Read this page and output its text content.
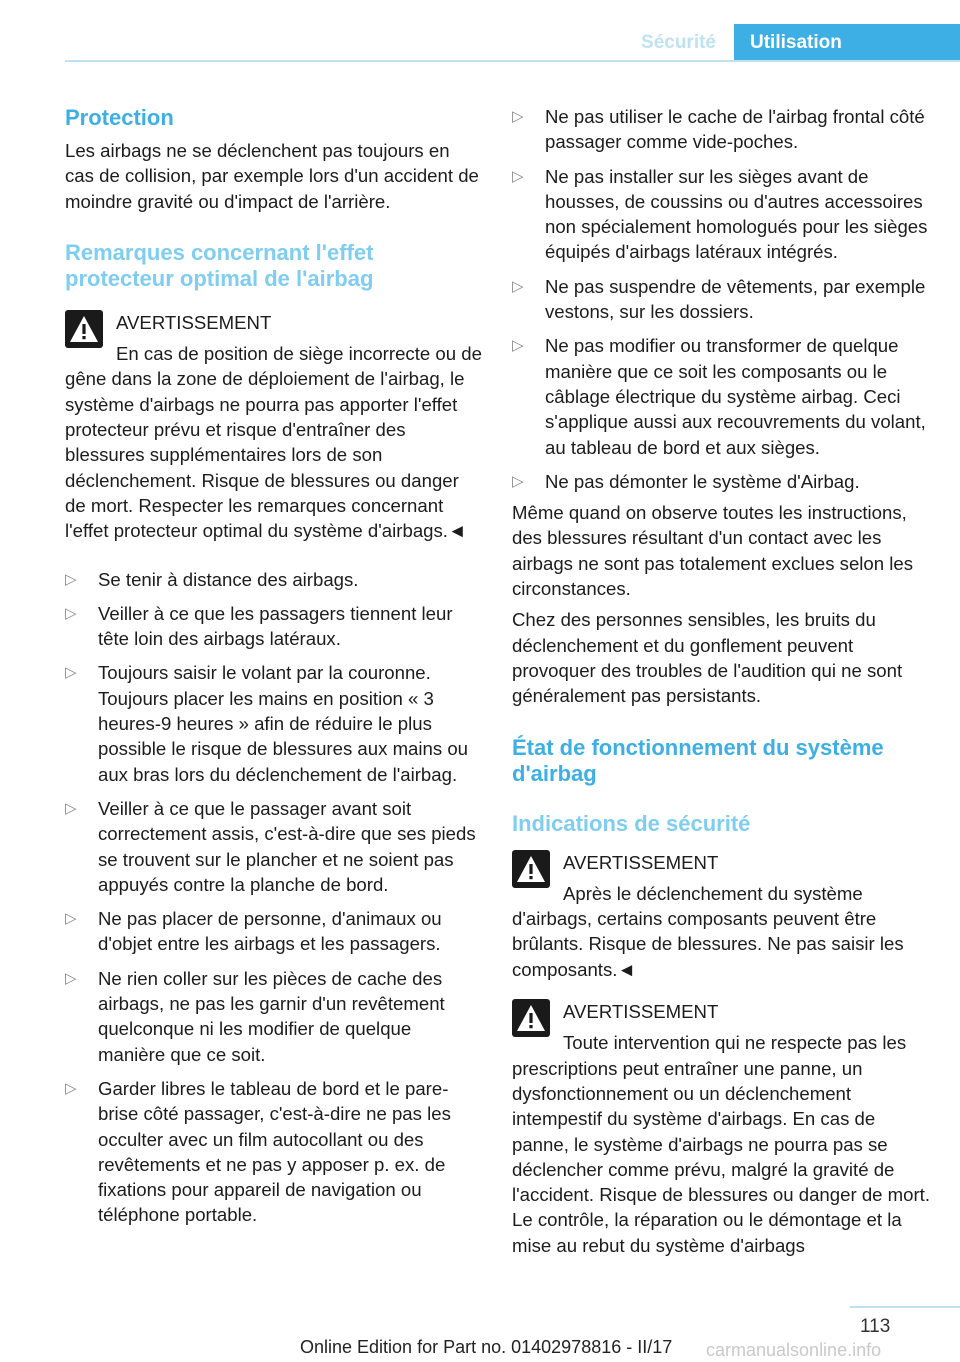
Sécurité	Utilisation
Protection

Les airbags ne se déclenchent pas toujours en cas de collision, par exemple lors d'un accident de moindre gravité ou d'impact de l'arrière.

Remarques concernant l'effet protecteur optimal de l'airbag
AVERTISSEMENT

En cas de position de siège incorrecte ou de gêne dans la zone de déploiement de l'airbag, le système d'airbags ne pourra pas apporter l'effet protecteur prévu et risque d'entraîner des blessures supplémentaires lors de son déclenchement. Risque de blessures ou danger de mort. Respecter les remarques concernant l'effet protecteur optimal du système d'airbags.◄

▷ Se tenir à distance des airbags.
▷ Veiller à ce que les passagers tiennent leur tête loin des airbags latéraux.
▷ Toujours saisir le volant par la couronne. Toujours placer les mains en position « 3 heures-9 heures » afin de réduire le plus possible le risque de blessures aux mains ou aux bras lors du déclenchement de l'airbag.
▷ Veiller à ce que le passager avant soit correctement assis, c'est-à-dire que ses pieds se trouvent sur le plancher et ne soient pas appuyés contre la planche de bord.
▷ Ne pas placer de personne, d'animaux ou d'objet entre les airbags et les passagers.
▷ Ne rien coller sur les pièces de cache des airbags, ne pas les garnir d'un revêtement quelconque ni les modifier de quelque manière que ce soit.
▷ Garder libres le tableau de bord et le pare-brise côté passager, c'est-à-dire ne pas les occulter avec un film autocollant ou des revêtements et ne pas y apposer p. ex. de fixations pour appareil de navigation ou téléphone portable.
▷ Ne pas utiliser le cache de l'airbag frontal côté passager comme vide-poches.
▷ Ne pas installer sur les sièges avant de housses, de coussins ou d'autres accessoires non spécialement homologués pour les sièges équipés d'airbags latéraux intégrés.
▷ Ne pas suspendre de vêtements, par exemple vestons, sur les dossiers.
▷ Ne pas modifier ou transformer de quelque manière que ce soit les composants ou le câblage électrique du système airbag. Ceci s'applique aussi aux recouvrements du volant, au tableau de bord et aux sièges.
▷ Ne pas démonter le système d'Airbag.

Même quand on observe toutes les instructions, des blessures résultant d'un contact avec les airbags ne sont pas totalement exclues selon les circonstances.

Chez des personnes sensibles, les bruits du déclenchement et du gonflement peuvent provoquer des troubles de l'audition qui ne sont généralement pas persistants.

État de fonctionnement du système d'airbag
Indications de sécurité
AVERTISSEMENT

Après le déclenchement du système d'airbags, certains composants peuvent être brûlants. Risque de blessures. Ne pas saisir les composants.◄

AVERTISSEMENT

Toute intervention qui ne respecte pas les prescriptions peut entraîner une panne, un dysfonctionnement ou un déclenchement intempestif du système d'airbags. En cas de panne, le système d'airbags ne pourra pas se déclencher comme prévu, malgré la gravité de l'accident. Risque de blessures ou danger de mort. Le contrôle, la réparation ou le démontage et la mise au rebut du système d'airbags

113
Online Edition for Part no. 01402978816 - II/17 carmanualsonline.info
